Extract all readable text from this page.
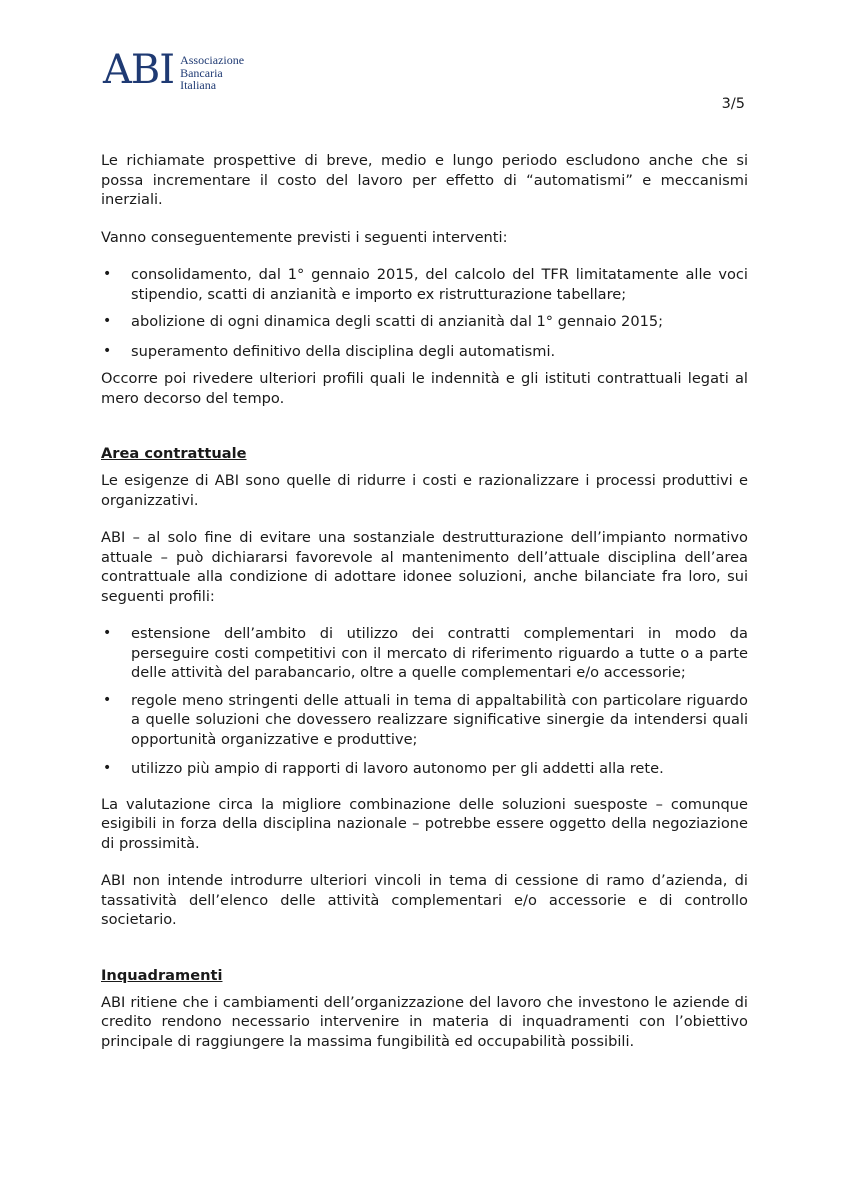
ABI Associazione
Bancaria
Italiana
3/5

Le richiamate prospettive di breve, medio e lungo periodo escludono anche che si possa incrementare il costo del lavoro per effetto di “automatismi” e meccanismi inerziali.

Vanno conseguentemente previsti i seguenti interventi:

• consolidamento, dal 1° gennaio 2015, del calcolo del TFR limitatamente alle voci stipendio, scatti di anzianità e importo ex ristrutturazione tabellare;
• abolizione di ogni dinamica degli scatti di anzianità dal 1° gennaio 2015;
• superamento definitivo della disciplina degli automatismi.

Occorre poi rivedere ulteriori profili quali le indennità e gli istituti contrattuali legati al mero decorso del tempo.

Area contrattuale

Le esigenze di ABI sono quelle di ridurre i costi e razionalizzare i processi produttivi e organizzativi.

ABI – al solo fine di evitare una sostanziale destrutturazione dell’impianto normativo attuale – può dichiararsi favorevole al mantenimento dell’attuale disciplina dell’area contrattuale alla condizione di adottare idonee soluzioni, anche bilanciate fra loro, sui seguenti profili:

• estensione dell’ambito di utilizzo dei contratti complementari in modo da perseguire costi competitivi con il mercato di riferimento riguardo a tutte o a parte delle attività del parabancario, oltre a quelle complementari e/o accessorie;
• regole meno stringenti delle attuali in tema di appaltabilità con particolare riguardo a quelle soluzioni che dovessero realizzare significative sinergie da intendersi quali opportunità organizzative e produttive;
• utilizzo più ampio di rapporti di lavoro autonomo per gli addetti alla rete.

La valutazione circa la migliore combinazione delle soluzioni suesposte – comunque esigibili in forza della disciplina nazionale – potrebbe essere oggetto della negoziazione di prossimità.

ABI non intende introdurre ulteriori vincoli in tema di cessione di ramo d’azienda, di tassatività dell’elenco delle attività complementari e/o accessorie e di controllo societario.

Inquadramenti

ABI ritiene che i cambiamenti dell’organizzazione del lavoro che investono le aziende di credito rendono necessario intervenire in materia di inquadramenti con l’obiettivo principale di raggiungere la massima fungibilità ed occupabilità possibili.
